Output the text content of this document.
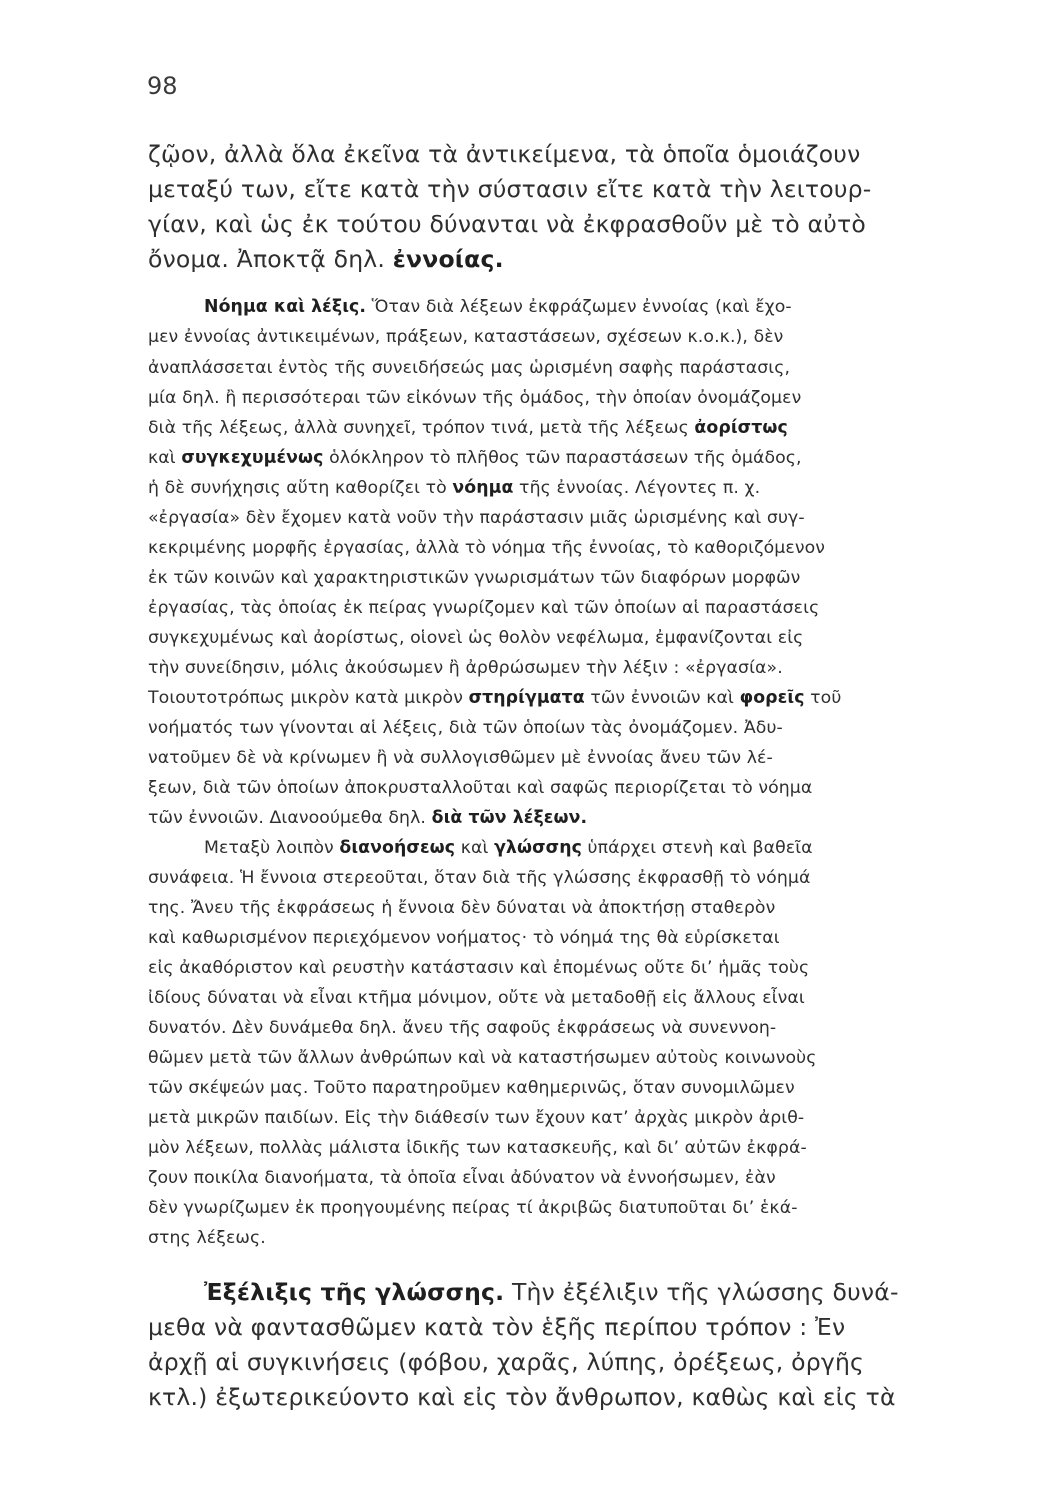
98
ζῷον, ἀλλὰ ὅλα ἐκεῖνα τὰ ἀντικείμενα, τὰ ὁποῖα ὁμοιάζουν
μεταξύ των, εἴτε κατὰ τὴν σύστασιν εἴτε κατὰ τὴν λειτουρ-
γίαν, καὶ ὡς ἐκ τούτου δύνανται νὰ ἐκφρασθοῦν μὲ τὸ αὐτὸ
ὄνομα. Ἀποκτᾷ δηλ. ἐννοίας.
Νόημα καὶ λέξις. Ὅταν διὰ λέξεων ἐκφράζωμεν ἐννοίας (καὶ ἔχο-
μεν ἐννοίας ἀντικειμένων, πράξεων, καταστάσεων, σχέσεων κ.ο.κ.), δὲν
ἀναπλάσσεται ἐντὸς τῆς συνειδήσεώς μας ὡρισμένη σαφὴς παράστασις,
μία δηλ. ἢ περισσότεραι τῶν εἰκόνων τῆς ὁμάδος, τὴν ὁποίαν ὀνομάζομεν
διὰ τῆς λέξεως, ἀλλὰ συνηχεῖ, τρόπον τινά, μετὰ τῆς λέξεως ἀορίστως
καὶ συγκεχυμένως ὁλόκληρον τὸ πλῆθος τῶν παραστάσεων τῆς ὁμάδος,
ἡ δὲ συνήχησις αὕτη καθορίζει τὸ νόημα τῆς ἐννοίας. Λέγοντες π. χ.
«ἐργασία» δὲν ἔχομεν κατὰ νοῦν τὴν παράστασιν μιᾶς ὡρισμένης καὶ συγ-
κεκριμένης μορφῆς ἐργασίας, ἀλλὰ τὸ νόημα τῆς ἐννοίας, τὸ καθοριζόμενον
ἐκ τῶν κοινῶν καὶ χαρακτηριστικῶν γνωρισμάτων τῶν διαφόρων μορφῶν
ἐργασίας, τὰς ὁποίας ἐκ πείρας γνωρίζομεν καὶ τῶν ὁποίων αἱ παραστάσεις
συγκεχυμένως καὶ ἀορίστως, οἱονεὶ ὡς θολὸν νεφέλωμα, ἐμφανίζονται εἰς
τὴν συνείδησιν, μόλις ἀκούσωμεν ἢ ἀρθρώσωμεν τὴν λέξιν : «ἐργασία».
Τοιουτοτρόπως μικρὸν κατὰ μικρὸν στηρίγματα τῶν ἐννοιῶν καὶ φορεῖς τοῦ
νοήματός των γίνονται αἱ λέξεις, διὰ τῶν ὁποίων τὰς ὀνομάζομεν. Ἀδυ-
νατοῦμεν δὲ νὰ κρίνωμεν ἢ νὰ συλλογισθῶμεν μὲ ἐννοίας ἄνευ τῶν λέ-
ξεων, διὰ τῶν ὁποίων ἀποκρυσταλλοῦται καὶ σαφῶς περιορίζεται τὸ νόημα
τῶν ἐννοιῶν. Διανοούμεθα δηλ. διὰ τῶν λέξεων.
Μεταξὺ λοιπὸν διανοήσεως καὶ γλώσσης ὑπάρχει στενὴ καὶ βαθεῖα
συνάφεια. Ἡ ἔννοια στερεοῦται, ὅταν διὰ τῆς γλώσσης ἐκφρασθῇ τὸ νόημά
της. Ἄνευ τῆς ἐκφράσεως ἡ ἔννοια δὲν δύναται νὰ ἀποκτήσῃ σταθερὸν
καὶ καθωρισμένον περιεχόμενον νοήματος· τὸ νόημά της θὰ εὑρίσκεται
εἰς ἀκαθόριστον καὶ ρευστὴν κατάστασιν καὶ ἐπομένως οὔτε δι’ ἡμᾶς τοὺς
ἰδίους δύναται νὰ εἶναι κτῆμα μόνιμον, οὔτε νὰ μεταδοθῇ εἰς ἄλλους εἶναι
δυνατόν. Δὲν δυνάμεθα δηλ. ἄνευ τῆς σαφοῦς ἐκφράσεως νὰ συνεννοη-
θῶμεν μετὰ τῶν ἄλλων ἀνθρώπων καὶ νὰ καταστήσωμεν αὐτοὺς κοινωνοὺς
τῶν σκέψεών μας. Τοῦτο παρατηροῦμεν καθημερινῶς, ὅταν συνομιλῶμεν
μετὰ μικρῶν παιδίων. Εἰς τὴν διάθεσίν των ἔχουν κατ’ ἀρχὰς μικρὸν ἀριθ-
μὸν λέξεων, πολλὰς μάλιστα ἰδικῆς των κατασκευῆς, καὶ δι’ αὐτῶν ἐκφρά-
ζουν ποικίλα διανοήματα, τὰ ὁποῖα εἶναι ἀδύνατον νὰ ἐννοήσωμεν, ἐὰν
δὲν γνωρίζωμεν ἐκ προηγουμένης πείρας τί ἀκριβῶς διατυποῦται δι’ ἑκά-
στης λέξεως.
Ἐξέλιξις τῆς γλώσσης. Τὴν ἐξέλιξιν τῆς γλώσσης δυνά-
μεθα νὰ φαντασθῶμεν κατὰ τὸν ἑξῆς περίπου τρόπον : Ἐν
ἀρχῇ αἱ συγκινήσεις (φόβου, χαρᾶς, λύπης, ὀρέξεως, ὀργῆς
κτλ.) ἐξωτερικεύοντο καὶ εἰς τὸν ἄνθρωπον, καθὼς καὶ εἰς τὰ
